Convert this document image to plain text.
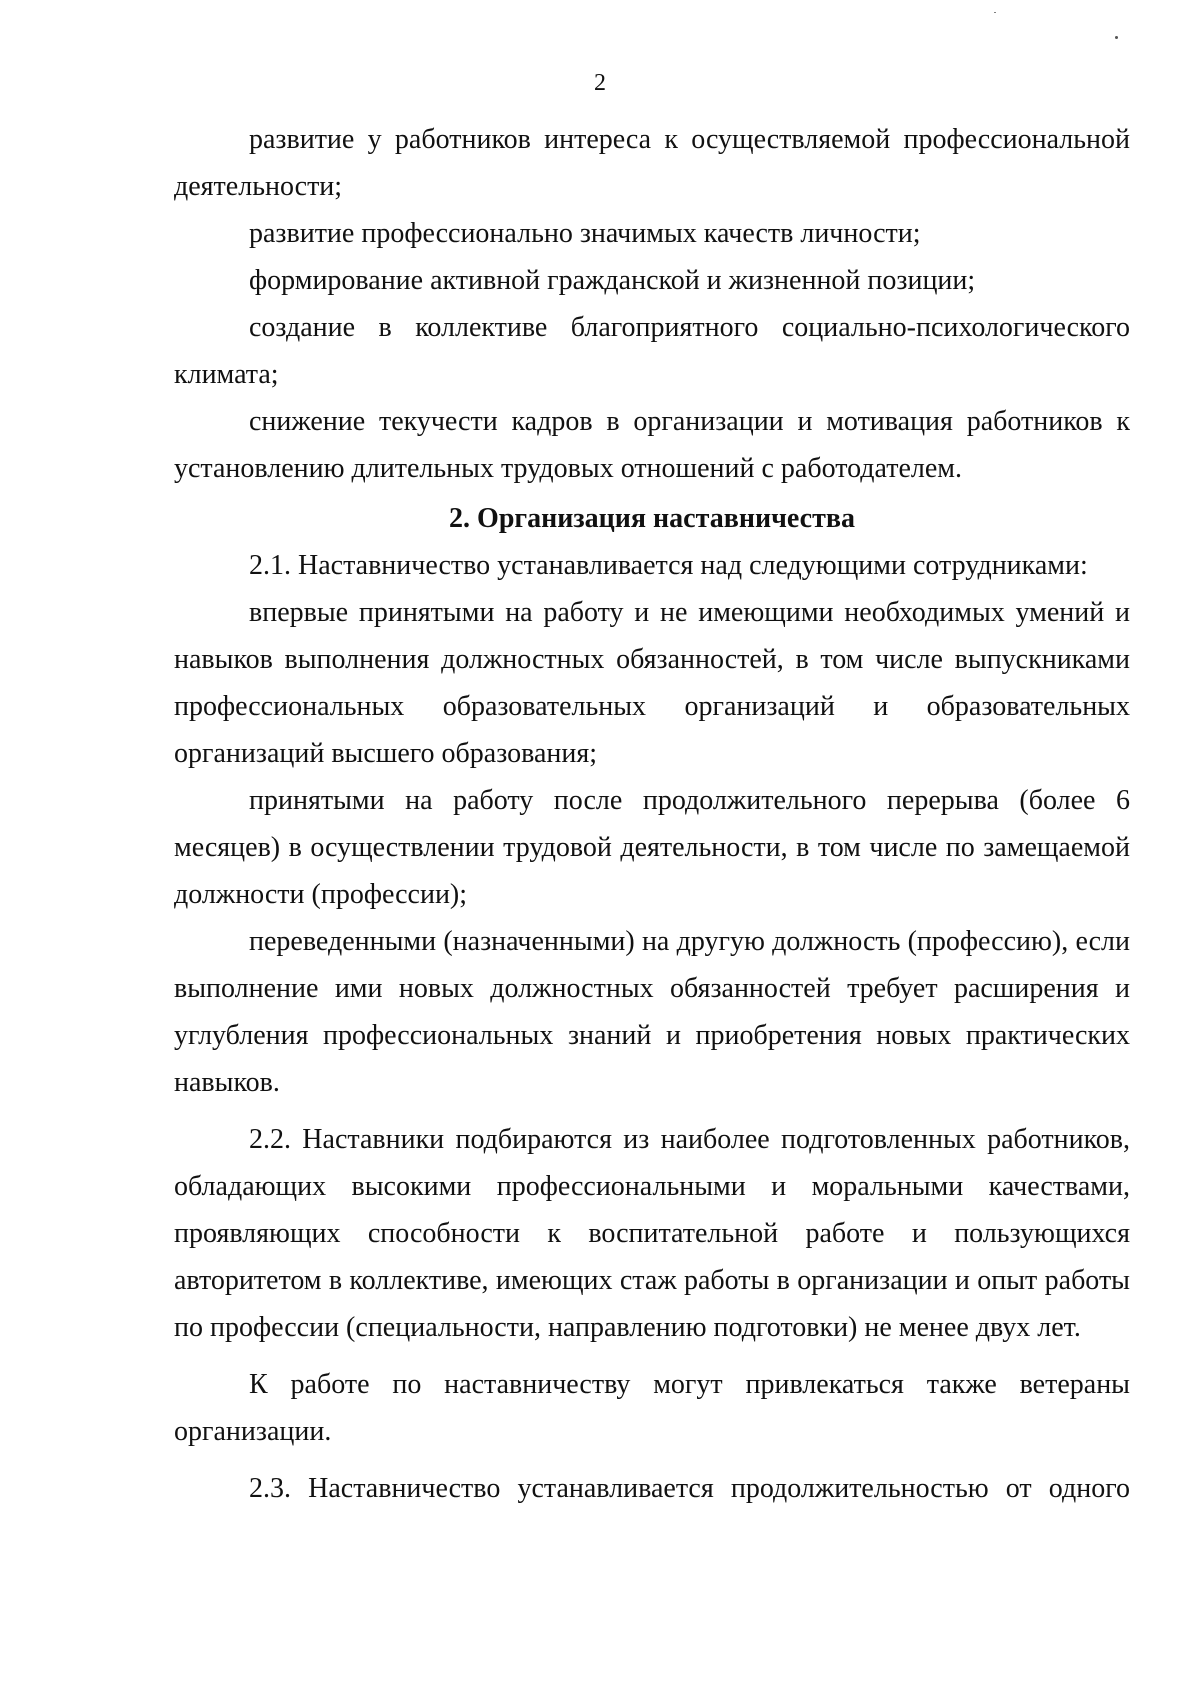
2

развитие у работников интереса к осуществляемой профессиональной деятельности;

развитие профессионально значимых качеств личности;

формирование активной гражданской и жизненной позиции;

создание в коллективе благоприятного социально-психологического климата;

снижение текучести кадров в организации и мотивация работников к установлению длительных трудовых отношений с работодателем.

2. Организация наставничества

2.1. Наставничество устанавливается над следующими сотрудниками:

впервые принятыми на работу и не имеющими необходимых умений и навыков выполнения должностных обязанностей, в том числе выпускниками профессиональных образовательных организаций и образовательных организаций высшего образования;

принятыми на работу после продолжительного перерыва (более 6 месяцев) в осуществлении трудовой деятельности, в том числе по замещаемой должности (профессии);

переведенными (назначенными) на другую должность (профессию), если выполнение ими новых должностных обязанностей требует расширения и углубления профессиональных знаний и приобретения новых практических навыков.

2.2. Наставники подбираются из наиболее подготовленных работников, обладающих высокими профессиональными и моральными качествами, проявляющих способности к воспитательной работе и пользующихся авторитетом в коллективе, имеющих стаж работы в организации и опыт работы по профессии (специальности, направлению подготовки) не менее двух лет.

К работе по наставничеству могут привлекаться также ветераны организации.

2.3. Наставничество устанавливается продолжительностью от одного
